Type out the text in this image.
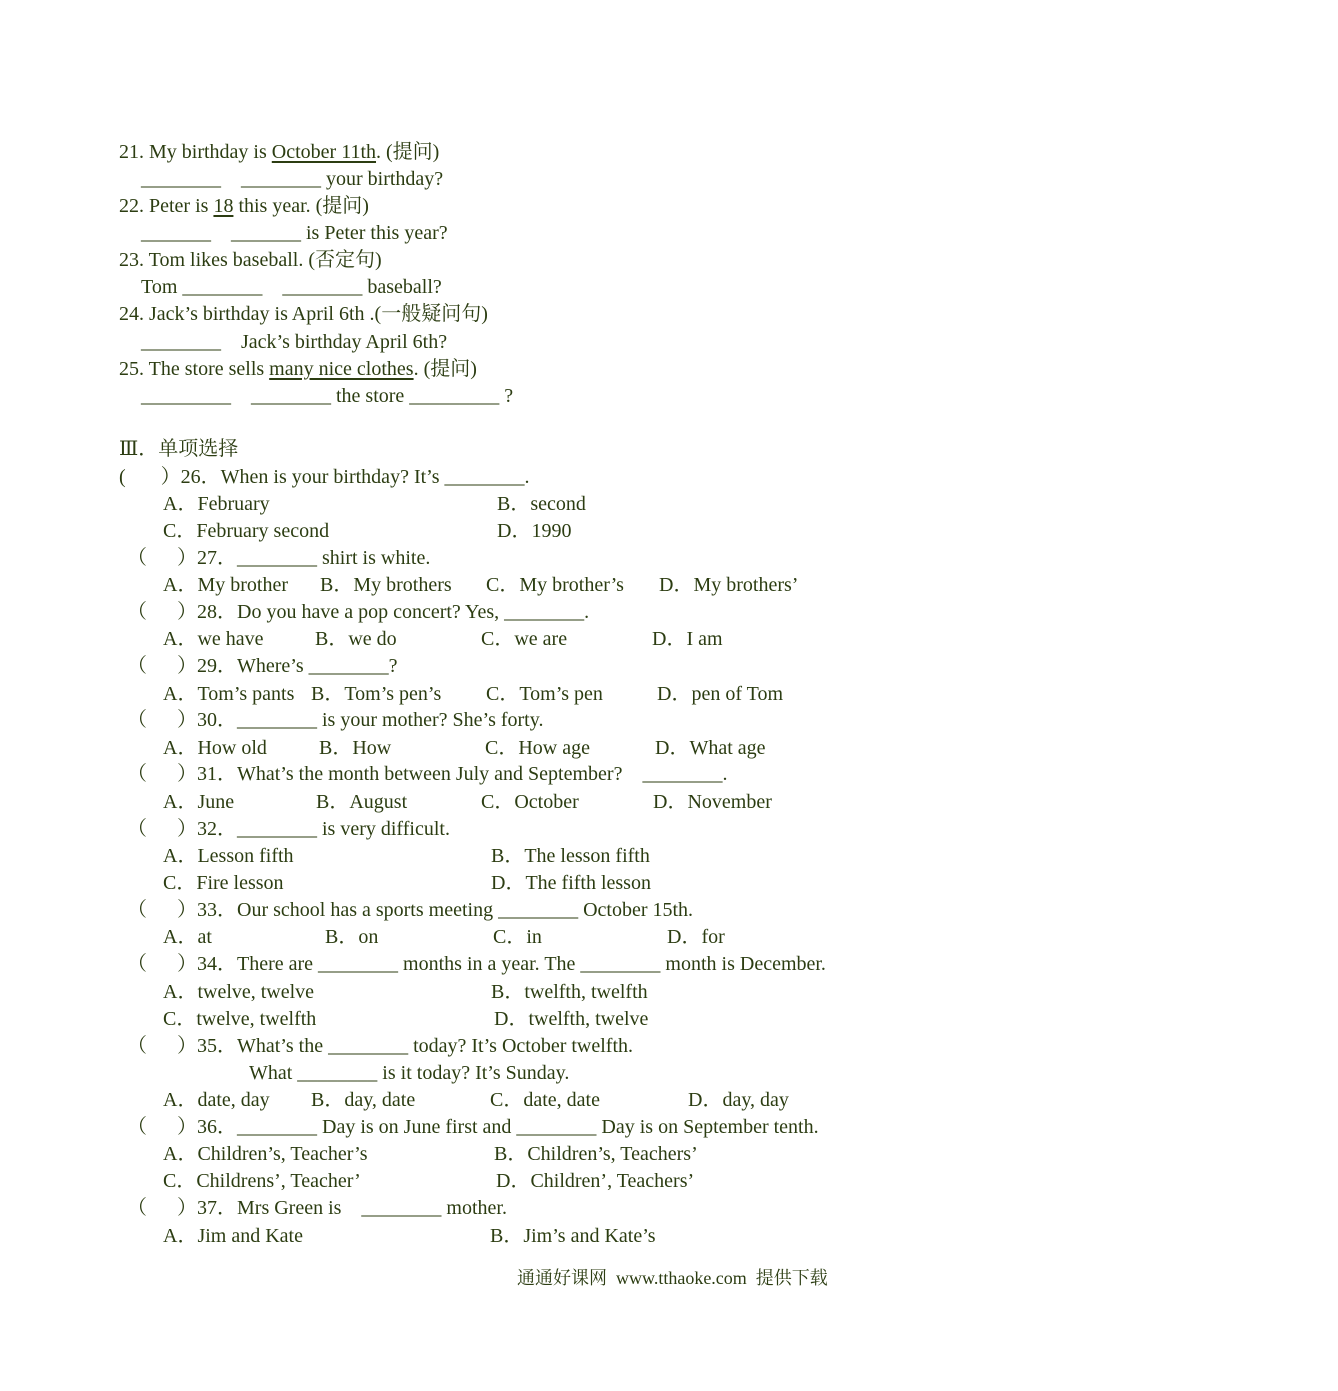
21. My birthday is October 11th. (提问)
________    ________ your birthday?
22. Peter is 18 this year. (提问)
_______    _______ is Peter this year?
23. Tom likes baseball. (否定句)
Tom ________    ________ baseball?
24. Jack’s birthday is April 6th .(一般疑问句)
________    Jack’s birthday April 6th?
25. The store sells many nice clothes. (提问)
_________    ________ the store _________ ?
Ⅲ．单项选择
(       ）26．When is your birthday? It’s ________.
A．February	B．second
C．February second	D．1990
（      ）27．________ shirt is white.
A．My brother B．My brothers C．My brother’s D．My brothers’
（      ）28．Do you have a pop concert? Yes, ________.
A．we have	B．we do	C．we are	D．I am
（      ）29．Where’s ________?
A．Tom’s pants B．Tom’s pen’s C．Tom’s pen	D．pen of Tom
（      ）30．________ is your mother? She’s forty.
A．How old	B．How	C．How age	D．What age
（      ）31．What’s the month between July and September?    ________.
A．June	B．August	C．October	D．November
（      ）32．________ is very difficult.
A．Lesson fifth	B．The lesson fifth
C．Fire lesson	D．The fifth lesson
（      ）33．Our school has a sports meeting ________ October 15th.
A．at	B．on	C．in	D．for
（      ）34．There are ________ months in a year. The ________ month is December.
A．twelve, twelve	B．twelfth, twelfth
C．twelve, twelfth	D．twelfth, twelve
（      ）35．What’s the ________ today? It’s October twelfth.
What ________ is it today? It’s Sunday.
A．date, day B．day, date	C．date, date	D．day, day
（      ）36．________ Day is on June first and ________ Day is on September tenth.
A．Children’s, Teacher’s	B．Children’s, Teachers’
C．Childrens’, Teacher’	D．Children’, Teachers’
（      ）37．Mrs Green is    ________ mother.
A．Jim and Kate	B．Jim’s and Kate’s
通通好课网  www.tthaoke.com  提供下载
